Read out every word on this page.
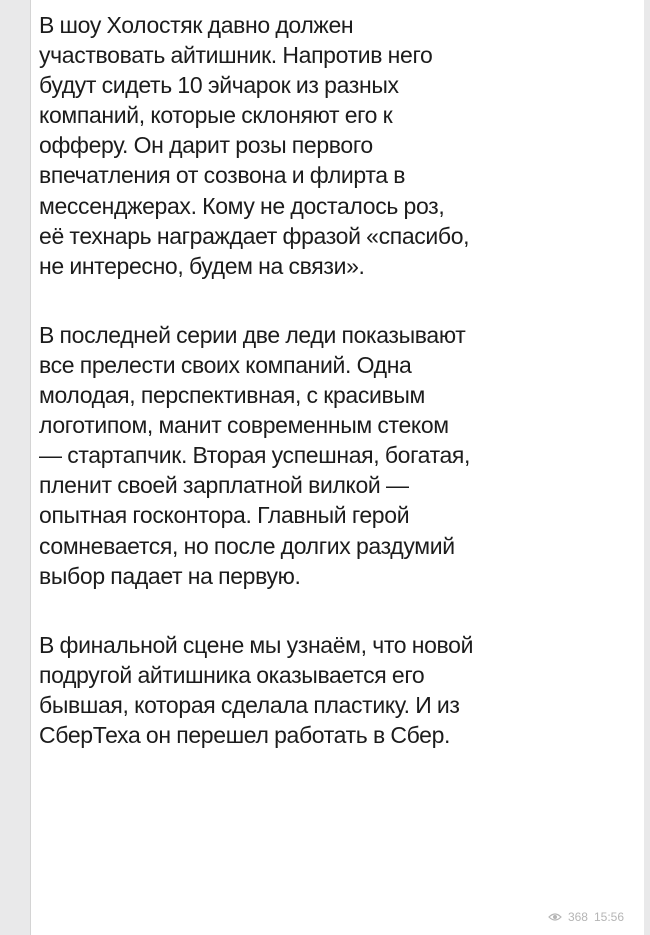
В шоу Холостяк давно должен
участвовать айтишник. Напротив него
будут сидеть 10 эйчарок из разных
компаний, которые склоняют его к
офферу. Он дарит розы первого
впечатления от созвона и флирта в
мессенджерах. Кому не досталось роз,
её технарь награждает фразой «спасибо,
не интересно, будем на связи».
В последней серии две леди показывают
все прелести своих компаний. Одна
молодая, перспективная, с красивым
логотипом, манит современным стеком
— стартапчик. Вторая успешная, богатая,
пленит своей зарплатной вилкой —
опытная госконтора. Главный герой
сомневается, но после долгих раздумий
выбор падает на первую.
В финальной сцене мы узнаём, что новой
подругой айтишника оказывается его
бывшая, которая сделала пластику. И из
СберТеха он перешел работать в Сбер.
368 15:56
